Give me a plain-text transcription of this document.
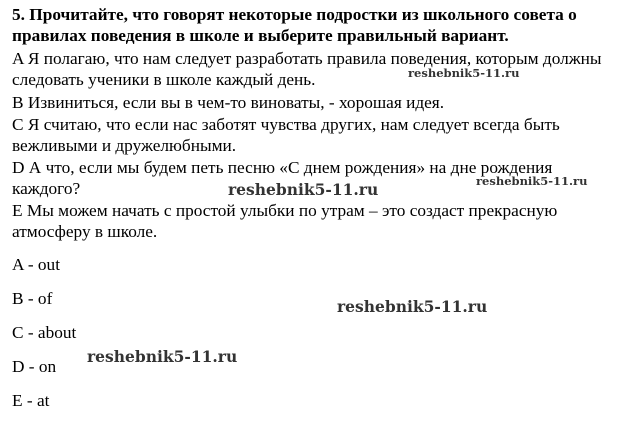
5. Прочитайте, что говорят некоторые подростки из школьного совета о правилах поведения в школе и выберите правильный вариант.

A Я полагаю, что нам следует разработать правила поведения, которым должны следовать ученики в школе каждый день.

B Извиниться, если вы в чем-то виноваты, - хорошая идея.

C Я считаю, что если нас заботят чувства других, нам следует всегда быть вежливыми и дружелюбными.

D А что, если мы будем петь песню «С днем рождения» на дне рождения каждого?

E Мы можем начать с простой улыбки по утрам – это создаст прекрасную атмосферу в школе.

A - out

B - of

C - about

D - on

E - at

reshebnik5-11.ru
reshebnik5-11.ru	reshebnik5-11.ru
reshebnik5-11.ru
reshebnik5-11.ru
